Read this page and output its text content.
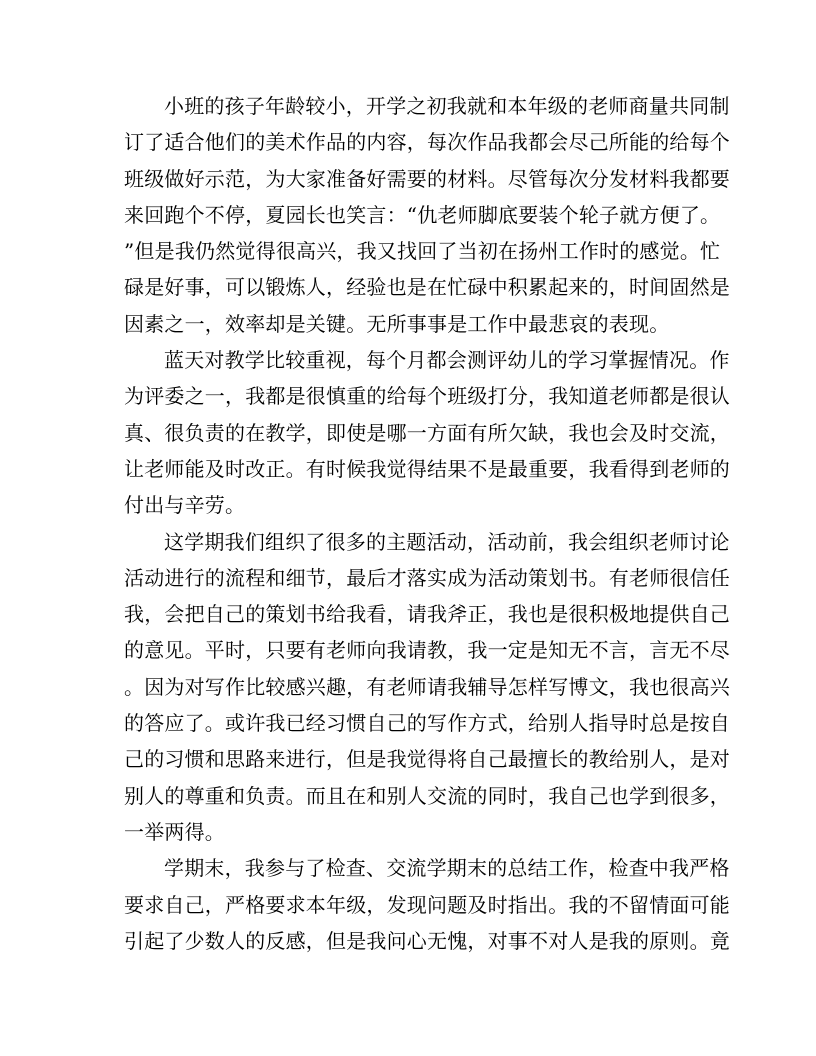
小班的孩子年龄较小，开学之初我就和本年级的老师商量共同制
订了适合他们的美术作品的内容，每次作品我都会尽己所能的给每个
班级做好示范，为大家准备好需要的材料。尽管每次分发材料我都要
来回跑个不停，夏园长也笑言：“仇老师脚底要装个轮子就方便了。
”但是我仍然觉得很高兴，我又找回了当初在扬州工作时的感觉。忙
碌是好事，可以锻炼人，经验也是在忙碌中积累起来的，时间固然是
因素之一，效率却是关键。无所事事是工作中最悲哀的表现。
蓝天对教学比较重视，每个月都会测评幼儿的学习掌握情况。作
为评委之一，我都是很慎重的给每个班级打分，我知道老师都是很认
真、很负责的在教学，即使是哪一方面有所欠缺，我也会及时交流，
让老师能及时改正。有时候我觉得结果不是最重要，我看得到老师的
付出与辛劳。
这学期我们组织了很多的主题活动，活动前，我会组织老师讨论
活动进行的流程和细节，最后才落实成为活动策划书。有老师很信任
我，会把自己的策划书给我看，请我斧正，我也是很积极地提供自己
的意见。平时，只要有老师向我请教，我一定是知无不言，言无不尽
。因为对写作比较感兴趣，有老师请我辅导怎样写博文，我也很高兴
的答应了。或许我已经习惯自己的写作方式，给别人指导时总是按自
己的习惯和思路来进行，但是我觉得将自己最擅长的教给别人，是对
别人的尊重和负责。而且在和别人交流的同时，我自己也学到很多，
一举两得。
学期末，我参与了检查、交流学期末的总结工作，检查中我严格
要求自己，严格要求本年级，发现问题及时指出。我的不留情面可能
引起了少数人的反感，但是我问心无愧，对事不对人是我的原则。竟
